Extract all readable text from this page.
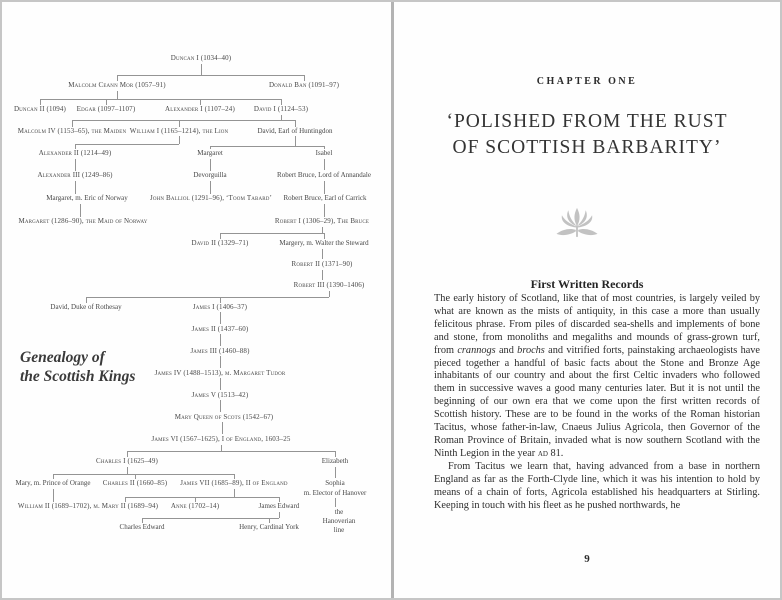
Duncan I (1034–40)
Malcolm Ceann Mor (1057–91)	Donald Ban (1091–97)
Duncan II (1094) Edgar (1097–1107)	Alexander I (1107–24)	David I (1124–53)
Malcolm IV (1153–65), the Maiden William I (1165–1214), the Lion	David, Earl of Huntingdon
Alexander II (1214–49)	Margaret	Isabel
Alexander III (1249–86)	Devorguilla	Robert Bruce, Lord of Annandale
Margaret, m. Eric of Norway	John Balliol (1291–96), ‘Toom Tabard’ Robert Bruce, Earl of Carrick
Margaret (1286–90), the Maid of Norway	Robert I (1306–29), The Bruce
David II (1329–71)	Margery, m. Walter the Steward
Robert II (1371–90)
Robert III (1390–1406)
David, Duke of Rothesay	James I (1406–37)
James II (1437–60)
James III (1460–88)
James IV (1488–1513), m. Margaret Tudor
James V (1513–42)
Mary Queen of Scots (1542–67)
James VI (1567–1625), I of England, 1603–25
Charles I (1625–49)	Elizabeth
Mary, m. Prince of Orange Charles II (1660–85) James VII (1685–89), II of England	Sophia
m. Elector of Hanover
William II (1689–1702), m. Mary II (1689–94) Anne (1702–14)	James Edward
the
Hanoverian
line
Charles Edward	Henry, Cardinal York
Genealogy of
the Scottish Kings
CHAPTER ONE
‘POLISHED FROM THE RUST
OF SCOTTISH BARBARITY’
First Written Records

The early history of Scotland, like that of most countries, is largely veiled by what are known as the mists of antiquity, in this case a more than usually felicitous phrase. From piles of discarded sea-shells and implements of bone and stone, from monoliths and megaliths and mounds of grass-grown turf, from crannogs and brochs and vitrified forts, painstaking archaeologists have pieced together a handful of basic facts about the Stone and Bronze Age inhabitants of our country and about the first Celtic invaders who followed them in successive waves a good many centuries later. But it is not until the beginning of our own era that we come upon the first written records of Scottish history. These are to be found in the works of the Roman historian Tacitus, whose father-in-law, Cnaeus Julius Agricola, then Governor of the Roman Province of Britain, invaded what is now southern Scotland with the Ninth Legion in the year ad 81.

From Tacitus we learn that, having advanced from a base in northern England as far as the Forth-Clyde line, which it was his intention to hold by means of a chain of forts, Agricola established his headquarters at Stirling. Keeping in touch with his fleet as he pushed northwards, he

9
